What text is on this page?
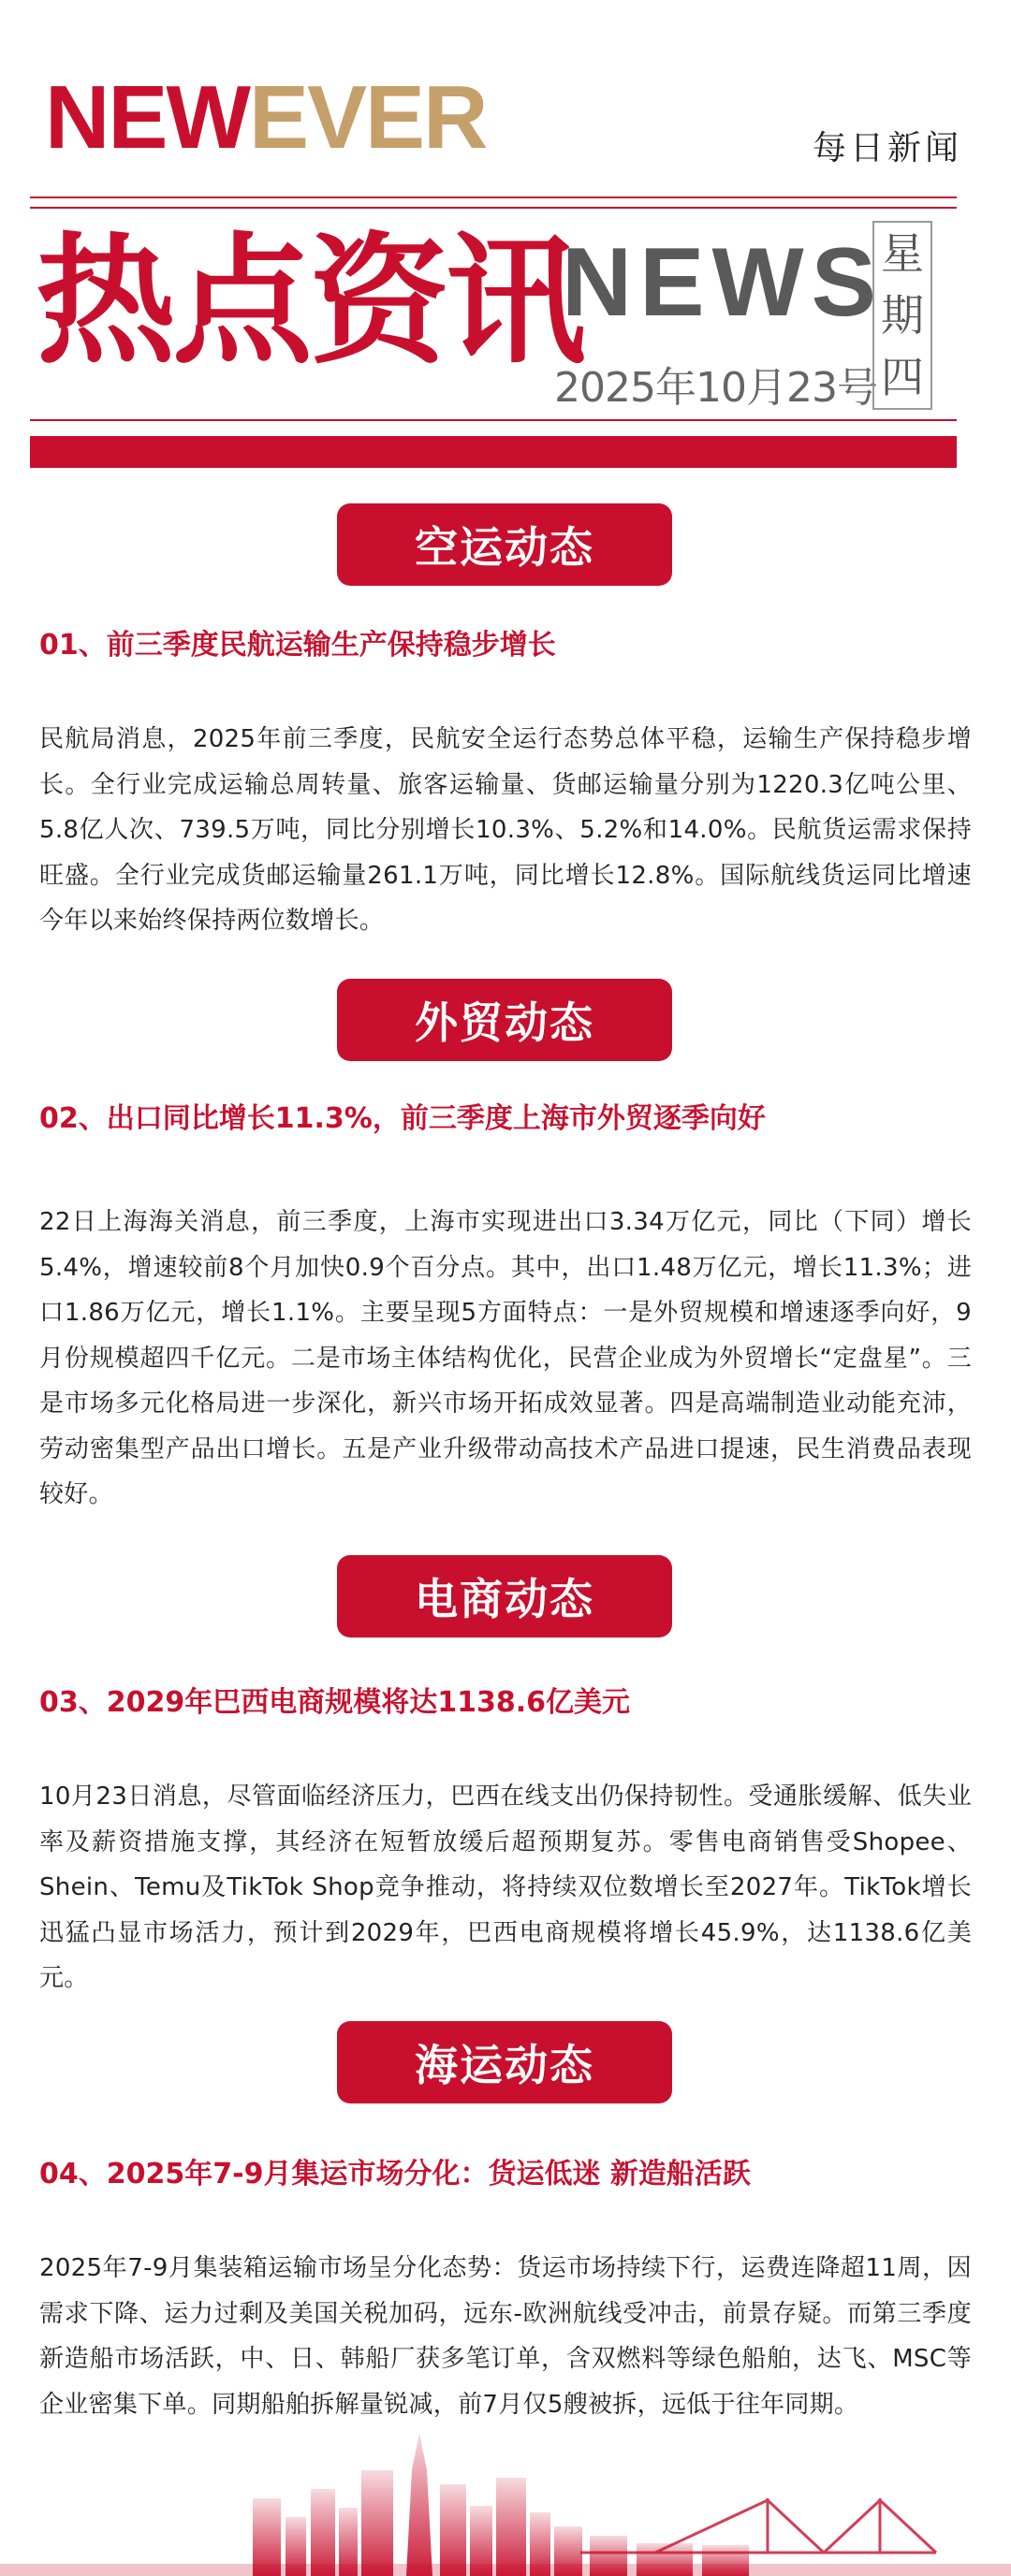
NEWEVER	每日新闻
热点资讯
NEWS
2025年10月23号
星
期
四
空运动态
01、前三季度民航运输生产保持稳步增长
民航局消息，2025年前三季度，民航安全运行态势总体平稳，运输生产保持稳步增长。全行业完成运输总周转量、旅客运输量、货邮运输量分别为1220.3亿吨公里、5.8亿人次、739.5万吨，同比分别增长10.3%、5.2%和14.0%。民航货运需求保持旺盛。全行业完成货邮运输量261.1万吨，同比增长12.8%。国际航线货运同比增速今年以来始终保持两位数增长。
外贸动态
02、出口同比增长11.3%，前三季度上海市外贸逐季向好
22日上海海关消息，前三季度，上海市实现进出口3.34万亿元，同比（下同）增长5.4%，增速较前8个月加快0.9个百分点。其中，出口1.48万亿元，增长11.3%；进口1.86万亿元，增长1.1%。主要呈现5方面特点：一是外贸规模和增速逐季向好，9月份规模超四千亿元。二是市场主体结构优化，民营企业成为外贸增长“定盘星”。三是市场多元化格局进一步深化，新兴市场开拓成效显著。四是高端制造业动能充沛，劳动密集型产品出口增长。五是产业升级带动高技术产品进口提速，民生消费品表现较好。
电商动态
03、2029年巴西电商规模将达1138.6亿美元
10月23日消息，尽管面临经济压力，巴西在线支出仍保持韧性。受通胀缓解、低失业率及薪资措施支撑，其经济在短暂放缓后超预期复苏。零售电商销售受Shopee、Shein、Temu及TikTok Shop竞争推动，将持续双位数增长至2027年。TikTok增长迅猛凸显市场活力，预计到2029年，巴西电商规模将增长45.9%，达1138.6亿美元。
海运动态
04、2025年7-9月集运市场分化：货运低迷 新造船活跃
2025年7-9月集装箱运输市场呈分化态势：货运市场持续下行，运费连降超11周，因需求下降、运力过剩及美国关税加码，远东-欧洲航线受冲击，前景存疑。而第三季度新造船市场活跃，中、日、韩船厂获多笔订单，含双燃料等绿色船舶，达飞、MSC等企业密集下单。同期船舶拆解量锐减，前7月仅5艘被拆，远低于往年同期。
